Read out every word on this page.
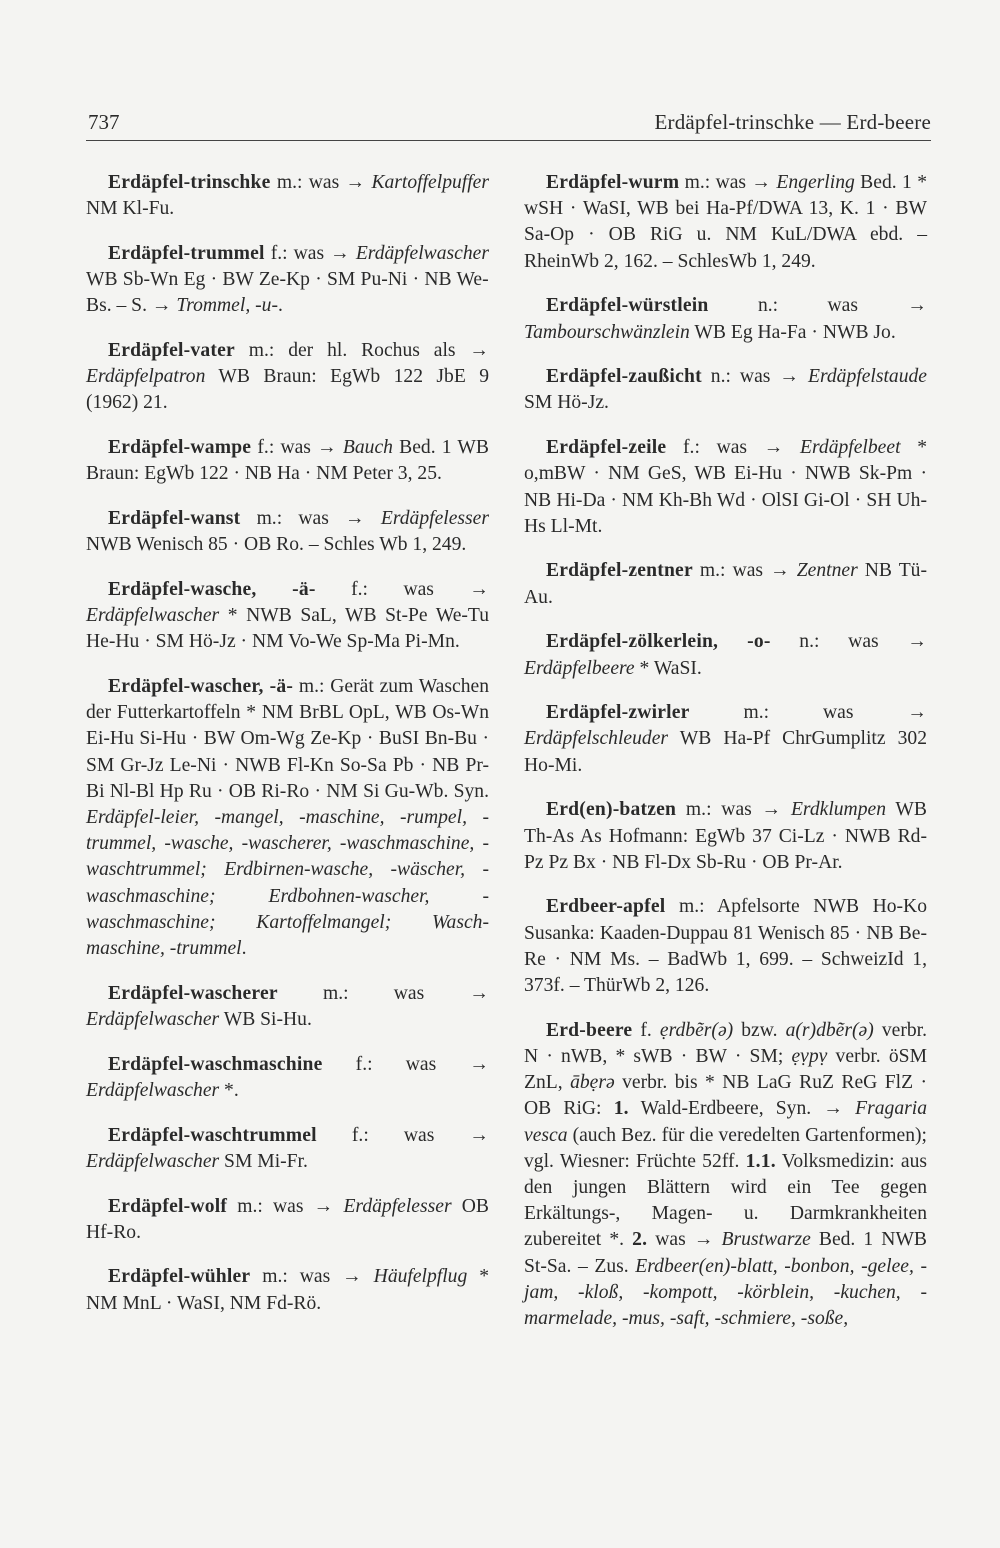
737	Erdäpfel-trinschke — Erd-beere

Erdäpfel-trinschke m.: was → Kartoffelpuffer NM Kl-Fu.

Erdäpfel-trummel f.: was → Erdäpfelwascher WB Sb-Wn Eg · BW Ze-Kp · SM Pu-Ni · NB We-Bs. – S. → Trommel, -u-.

Erdäpfel-vater m.: der hl. Rochus als → Erdäpfelpatron WB Braun: EgWb 122 JbE 9 (1962) 21.

Erdäpfel-wampe f.: was → Bauch Bed. 1 WB Braun: EgWb 122 · NB Ha · NM Peter 3, 25.

Erdäpfel-wanst m.: was → Erdäpfelesser NWB Wenisch 85 · OB Ro. – Schles Wb 1, 249.

Erdäpfel-wasche, -ä- f.: was → Erdäpfelwascher * NWB SaL, WB St-Pe We-Tu He-Hu · SM Hö-Jz · NM Vo-We Sp-Ma Pi-Mn.

Erdäpfel-wascher, -ä- m.: Gerät zum Waschen der Futterkartoffeln * NM BrBL OpL, WB Os-Wn Ei-Hu Si-Hu · BW Om-Wg Ze-Kp · BuSI Bn-Bu · SM Gr-Jz Le-Ni · NWB Fl-Kn So-Sa Pb · NB Pr-Bi Nl-Bl Hp Ru · OB Ri-Ro · NM Si Gu-Wb. Syn. Erdäpfel-leier, -mangel, -maschine, -rumpel, -trummel, -wasche, -wascherer, -waschmaschine, -waschtrummel; Erdbirnen-wasche, -wäscher, -waschmaschine; Erdbohnen-wascher, -waschmaschine; Kartoffelmangel; Wasch-maschine, -trummel.

Erdäpfel-wascherer m.: was → Erdäpfelwascher WB Si-Hu.

Erdäpfel-waschmaschine f.: was → Erdäpfelwascher *.

Erdäpfel-waschtrummel f.: was → Erdäpfelwascher SM Mi-Fr.

Erdäpfel-wolf m.: was → Erdäpfelesser OB Hf-Ro.

Erdäpfel-wühler m.: was → Häufelpflug * NM MnL · WaSI, NM Fd-Rö.

Erdäpfel-wurm m.: was → Engerling Bed. 1 * wSH · WaSI, WB bei Ha-Pf/DWA 13, K. 1 · BW Sa-Op · OB RiG u. NM KuL/DWA ebd. – RheinWb 2, 162. – SchlesWb 1, 249.

Erdäpfel-würstlein n.: was → Tambourschwänzlein WB Eg Ha-Fa · NWB Jo.

Erdäpfel-zaußicht n.: was → Erdäpfelstaude SM Hö-Jz.

Erdäpfel-zeile f.: was → Erdäpfelbeet * o,mBW · NM GeS, WB Ei-Hu · NWB Sk-Pm · NB Hi-Da · NM Kh-Bh Wd · OlSI Gi-Ol · SH Uh-Hs Ll-Mt.

Erdäpfel-zentner m.: was → Zentner NB Tü-Au.

Erdäpfel-zölkerlein, -o- n.: was → Erdäpfelbeere * WaSI.

Erdäpfel-zwirler m.: was → Erdäpfelschleuder WB Ha-Pf ChrGumplitz 302 Ho-Mi.

Erd(en)-batzen m.: was → Erdklumpen WB Th-As As Hofmann: EgWb 37 Ci-Lz · NWB Rd-Pz Pz Bx · NB Fl-Dx Sb-Ru · OB Pr-Ar.

Erdbeer-apfel m.: Apfelsorte NWB Ho-Ko Susanka: Kaaden-Duppau 81 Wenisch 85 · NB Be-Re · NM Ms. – BadWb 1, 699. – SchweizId 1, 373f. – ThürWb 2, 126.

Erd-beere f. ẹrdbẽr(ə) bzw. a(r)dbẽr(ə) verbr. N · nWB, * sWB · BW · SM; ẹṿpṿ verbr. öSM ZnL, ābẹrə verbr. bis * NB LaG RuZ ReG FlZ · OB RiG: 1. Wald-Erdbeere, Syn. → Fragaria vesca (auch Bez. für die veredelten Gartenformen); vgl. Wiesner: Früchte 52ff. 1.1. Volksmedizin: aus den jungen Blättern wird ein Tee gegen Erkältungs-, Magen- u. Darmkrankheiten zubereitet *. 2. was → Brustwarze Bed. 1 NWB St-Sa. – Zus. Erdbeer(en)-blatt, -bonbon, -gelee, -jam, -kloß, -kompott, -körblein, -kuchen, -marmelade, -mus, -saft, -schmiere, -soße,
